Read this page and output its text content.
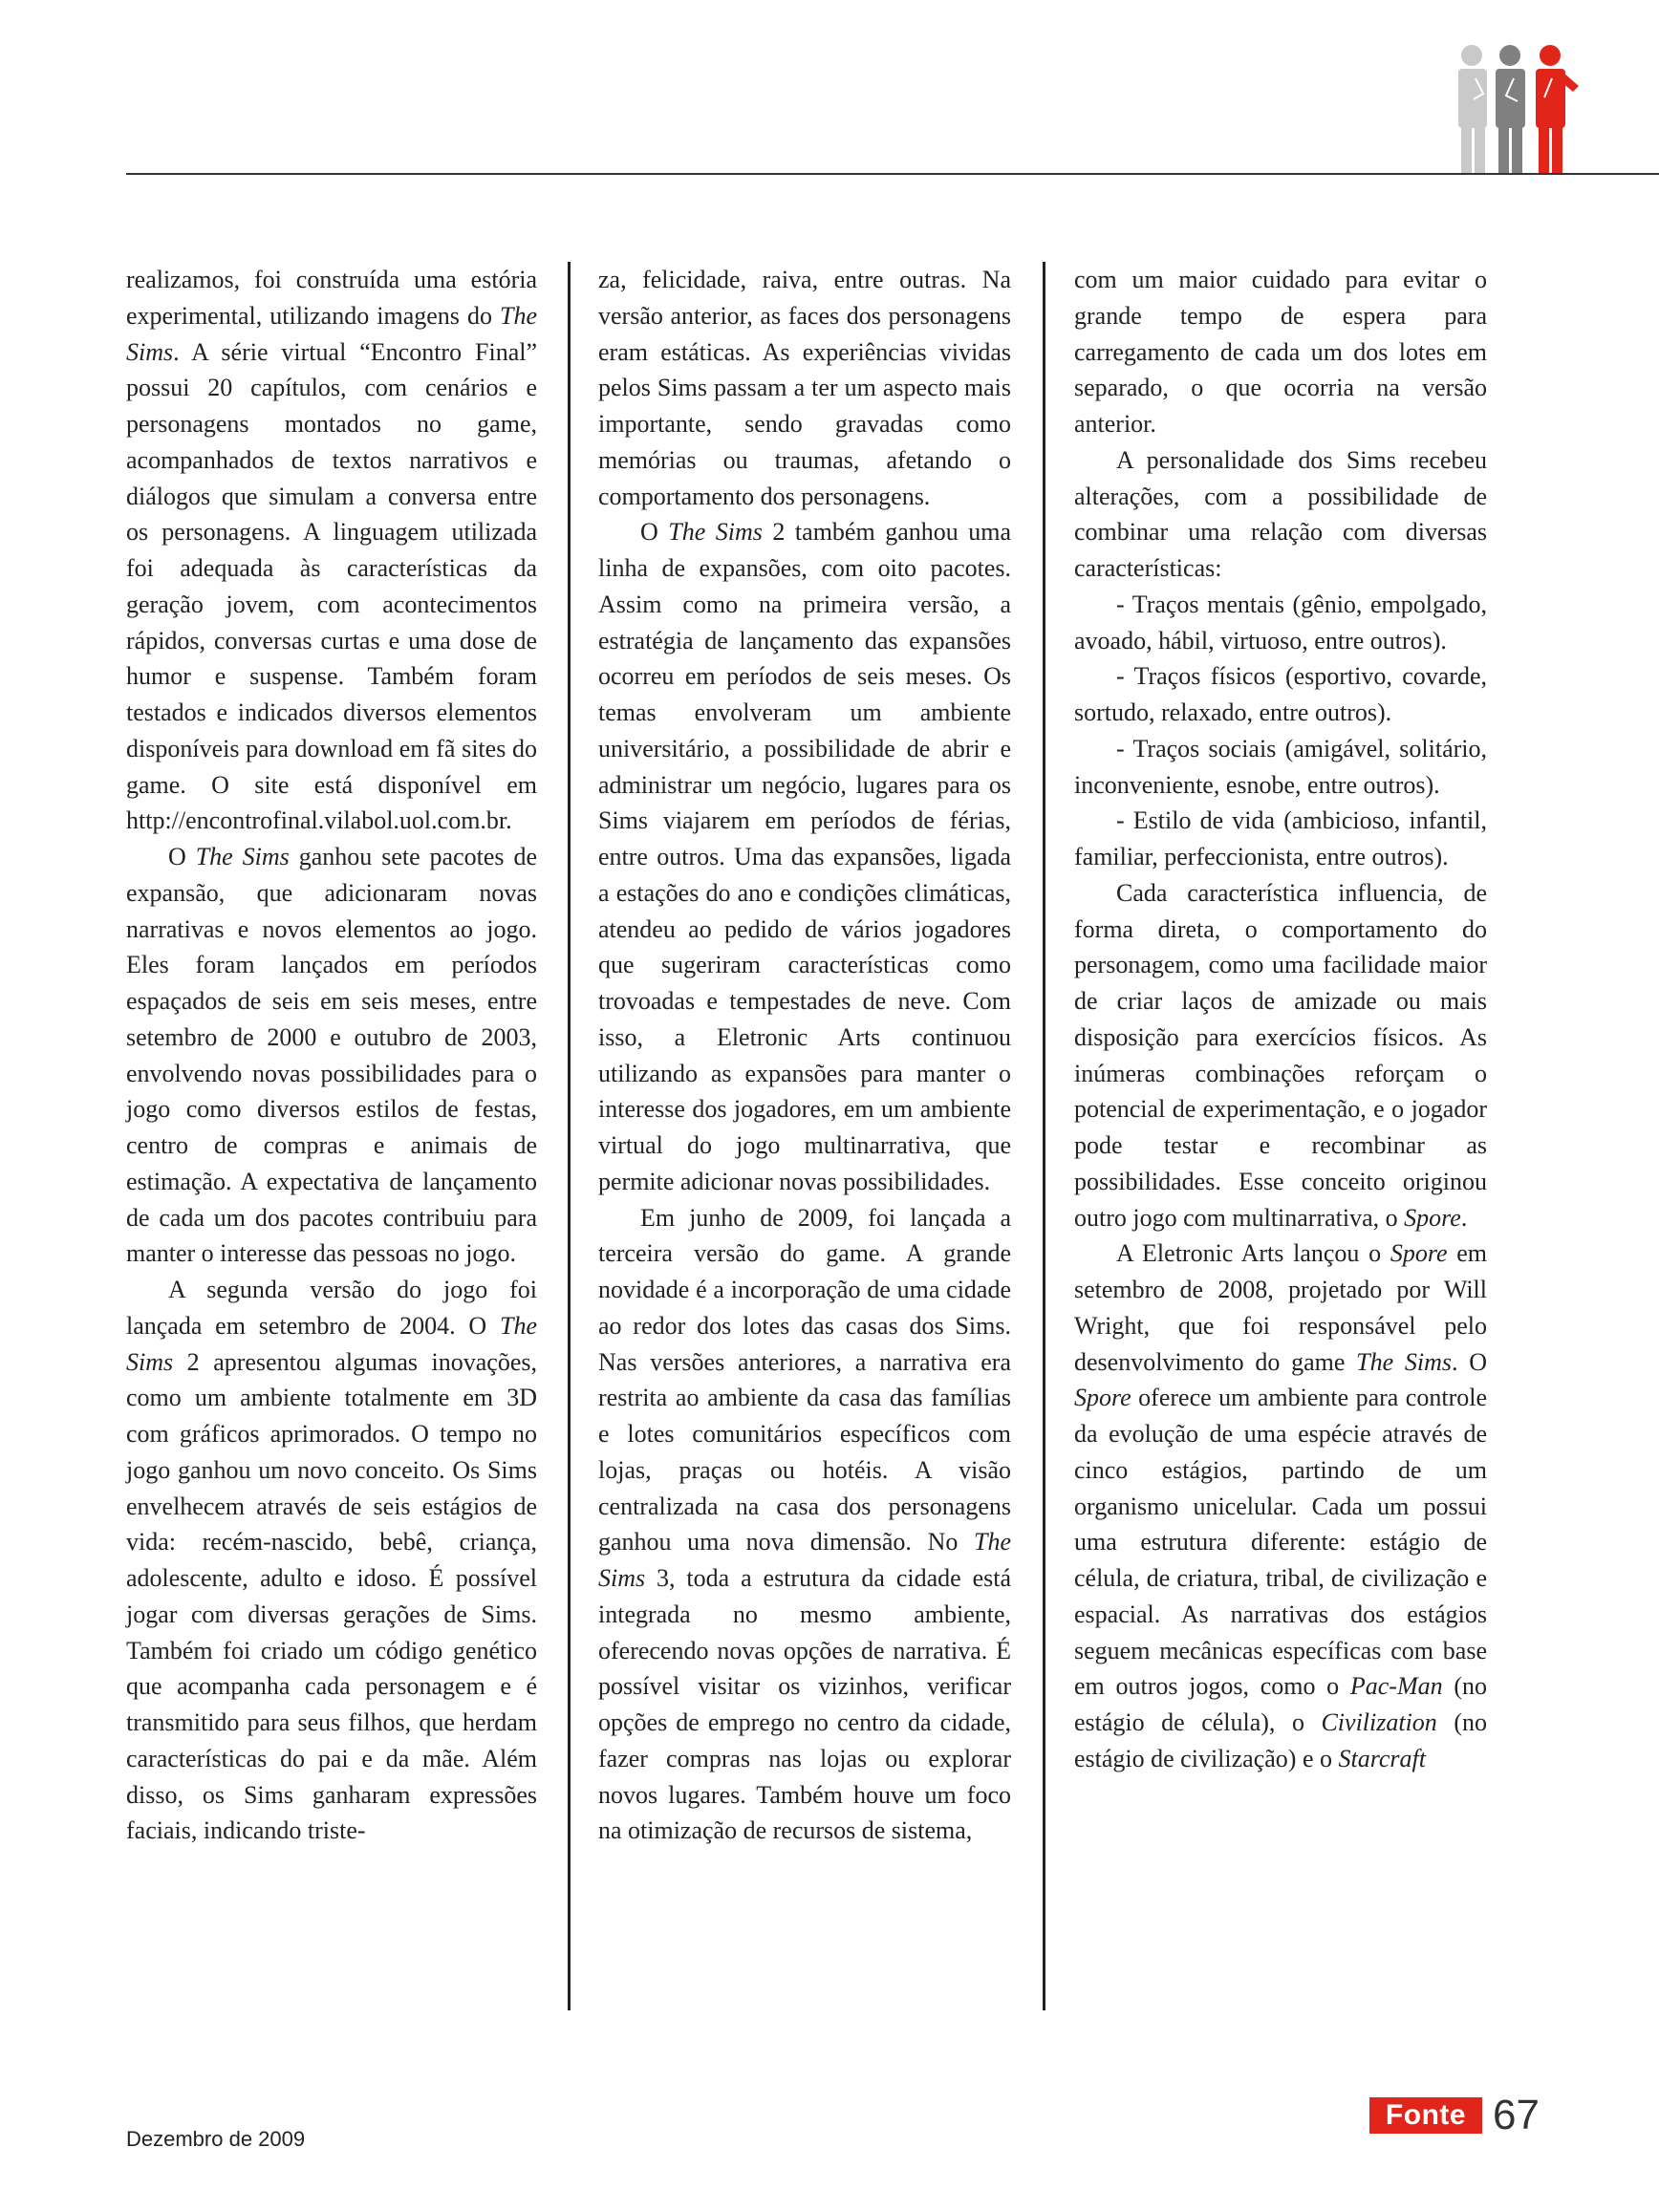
realizamos, foi construída uma estória experimental, utilizando imagens do The Sims. A série virtual “Encontro Final” possui 20 capítulos, com cenários e personagens montados no game, acompanhados de textos narrativos e diálogos que simulam a conversa entre os personagens. A linguagem utilizada foi adequada às características da geração jovem, com acontecimentos rápidos, conversas curtas e uma dose de humor e suspense. Também foram testados e indicados diversos elementos disponíveis para download em fã sites do game. O site está disponível em http://encontrofinal.vilabol.uol.com.br.

O The Sims ganhou sete pacotes de expansão, que adicionaram novas narrativas e novos elementos ao jogo. Eles foram lançados em períodos espaçados de seis em seis meses, entre setembro de 2000 e outubro de 2003, envolvendo novas possibilidades para o jogo como diversos estilos de festas, centro de compras e animais de estimação. A expectativa de lançamento de cada um dos pacotes contribuiu para manter o interesse das pessoas no jogo.

A segunda versão do jogo foi lançada em setembro de 2004. O The Sims 2 apresentou algumas inovações, como um ambiente totalmente em 3D com gráficos aprimorados. O tempo no jogo ganhou um novo conceito. Os Sims envelhecem através de seis estágios de vida: recém-nascido, bebê, criança, adolescente, adulto e idoso. É possível jogar com diversas gerações de Sims. Também foi criado um código genético que acompanha cada personagem e é transmitido para seus filhos, que herdam características do pai e da mãe. Além disso, os Sims ganharam expressões faciais, indicando triste-

za, felicidade, raiva, entre outras. Na versão anterior, as faces dos personagens eram estáticas. As experiências vividas pelos Sims passam a ter um aspecto mais importante, sendo gravadas como memórias ou traumas, afetando o comportamento dos personagens.

O The Sims 2 também ganhou uma linha de expansões, com oito pacotes. Assim como na primeira versão, a estratégia de lançamento das expansões ocorreu em períodos de seis meses. Os temas envolveram um ambiente universitário, a possibilidade de abrir e administrar um negócio, lugares para os Sims viajarem em períodos de férias, entre outros. Uma das expansões, ligada a estações do ano e condições climáticas, atendeu ao pedido de vários jogadores que sugeriram características como trovoadas e tempestades de neve. Com isso, a Eletronic Arts continuou utilizando as expansões para manter o interesse dos jogadores, em um ambiente virtual do jogo multinarrativa, que permite adicionar novas possibilidades.

Em junho de 2009, foi lançada a terceira versão do game. A grande novidade é a incorporação de uma cidade ao redor dos lotes das casas dos Sims. Nas versões anteriores, a narrativa era restrita ao ambiente da casa das famílias e lotes comunitários específicos com lojas, praças ou hotéis. A visão centralizada na casa dos personagens ganhou uma nova dimensão. No The Sims 3, toda a estrutura da cidade está integrada no mesmo ambiente, oferecendo novas opções de narrativa. É possível visitar os vizinhos, verificar opções de emprego no centro da cidade, fazer compras nas lojas ou explorar novos lugares. Também houve um foco na otimização de recursos de sistema,

com um maior cuidado para evitar o grande tempo de espera para carregamento de cada um dos lotes em separado, o que ocorria na versão anterior.

A personalidade dos Sims recebeu alterações, com a possibilidade de combinar uma relação com diversas características:

- Traços mentais (gênio, empolgado, avoado, hábil, virtuoso, entre outros).

- Traços físicos (esportivo, covarde, sortudo, relaxado, entre outros).

- Traços sociais (amigável, solitário, inconveniente, esnobe, entre outros).

- Estilo de vida (ambicioso, infantil, familiar, perfeccionista, entre outros).

Cada característica influencia, de forma direta, o comportamento do personagem, como uma facilidade maior de criar laços de amizade ou mais disposição para exercícios físicos. As inúmeras combinações reforçam o potencial de experimentação, e o jogador pode testar e recombinar as possibilidades. Esse conceito originou outro jogo com multinarrativa, o Spore.

A Eletronic Arts lançou o Spore em setembro de 2008, projetado por Will Wright, que foi responsável pelo desenvolvimento do game The Sims. O Spore oferece um ambiente para controle da evolução de uma espécie através de cinco estágios, partindo de um organismo unicelular. Cada um possui uma estrutura diferente: estágio de célula, de criatura, tribal, de civilização e espacial. As narrativas dos estágios seguem mecânicas específicas com base em outros jogos, como o Pac-Man (no estágio de célula), o Civilization (no estágio de civilização) e o Starcraft

Dezembro de 2009
Fonte 67
